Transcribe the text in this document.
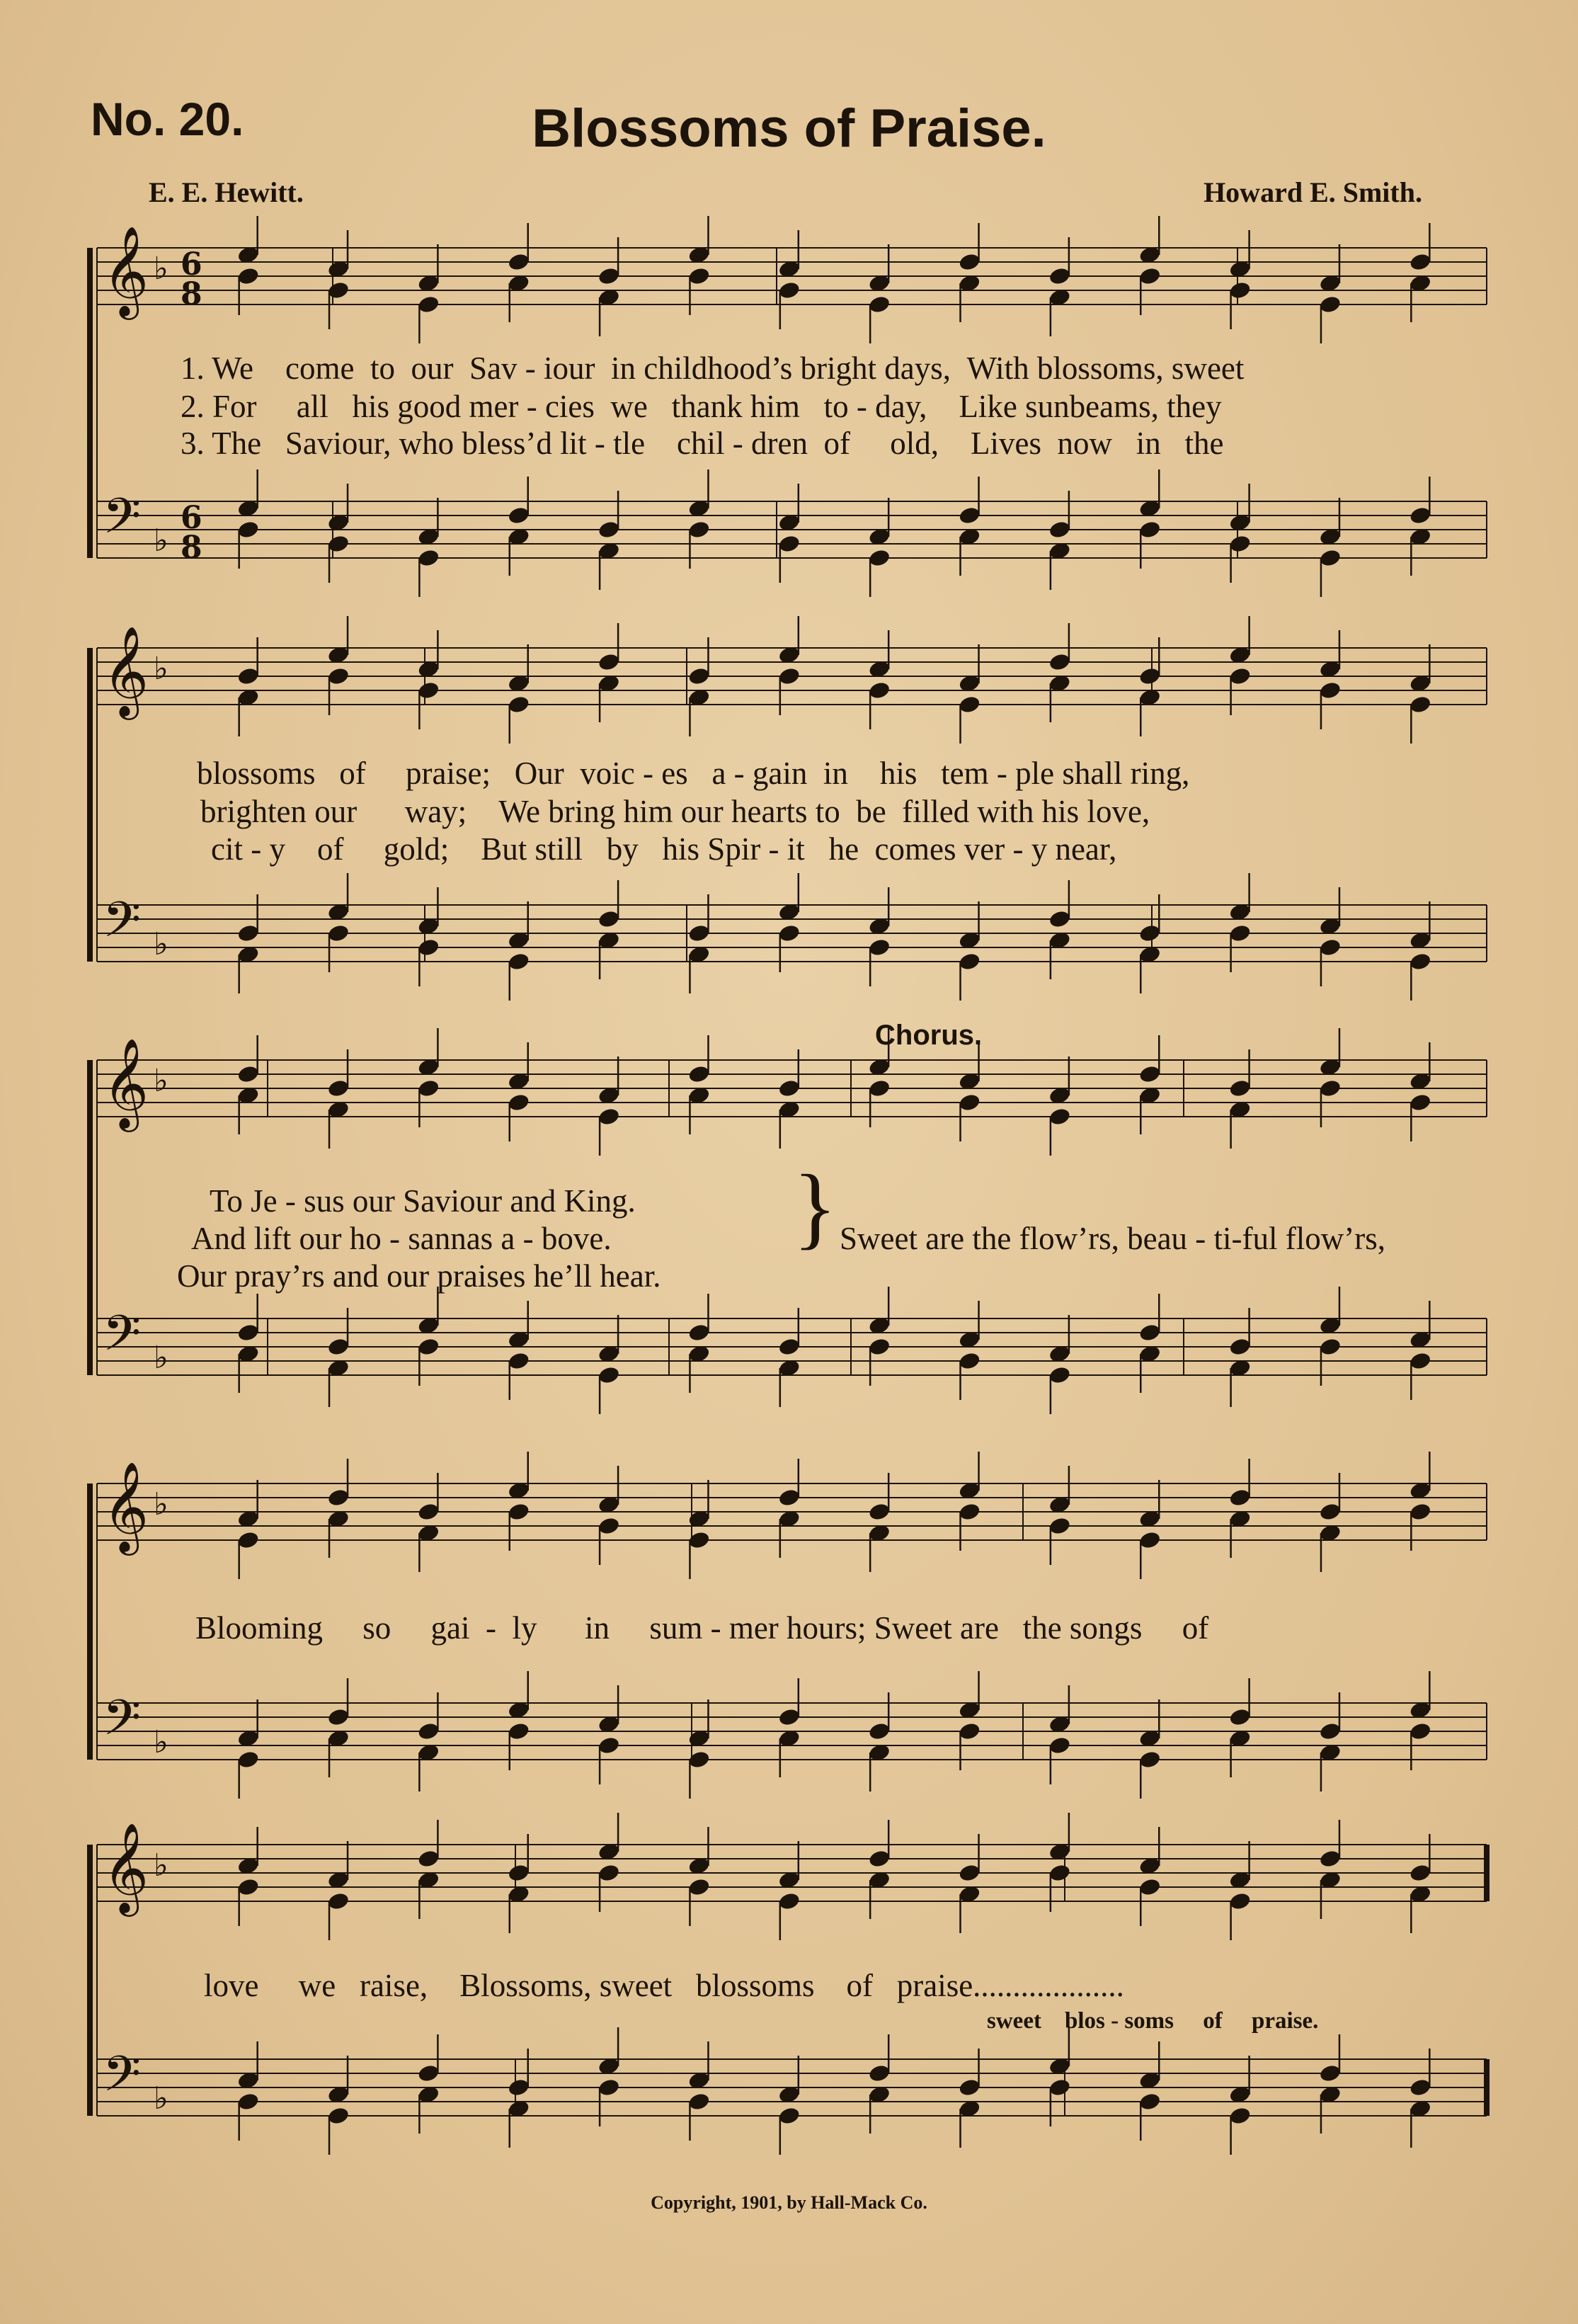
No. 20.	Blossoms of Praise.
E. E. Hewitt.	Howard E. Smith.
𝄞 ♭
𝄢 ♭
6
8
6
8
𝄞 ♭
𝄢 ♭
𝄞 ♭
𝄢 ♭
𝄞 ♭
𝄢 ♭
𝄞 ♭
𝄢 ♭
1. We come to our Sav - iour in childhood’s bright days, With blossoms, sweet
2. For all his good mer - cies we thank him to - day, Like sunbeams, they
3. The Saviour, who bless’d lit - tle chil - dren of old, Lives now in the
blossoms of praise; Our voic - es a - gain in his tem - ple shall ring,
brighten our way; We bring him our hearts to be filled with his love,
cit - y of gold; But still by his Spir - it he comes ver - y near,
Chorus.
To Je - sus our Saviour and King.
And lift our ho - sannas a - bove.
Our pray’rs and our praises he’ll hear.
} Sweet are the flow’rs, beau - ti-ful flow’rs,
Blooming so gai - ly in sum - mer hours; Sweet are the songs of
love we raise, Blossoms, sweet blossoms of praise...................
sweet blos - soms of praise.
Copyright, 1901, by Hall-Mack Co.
